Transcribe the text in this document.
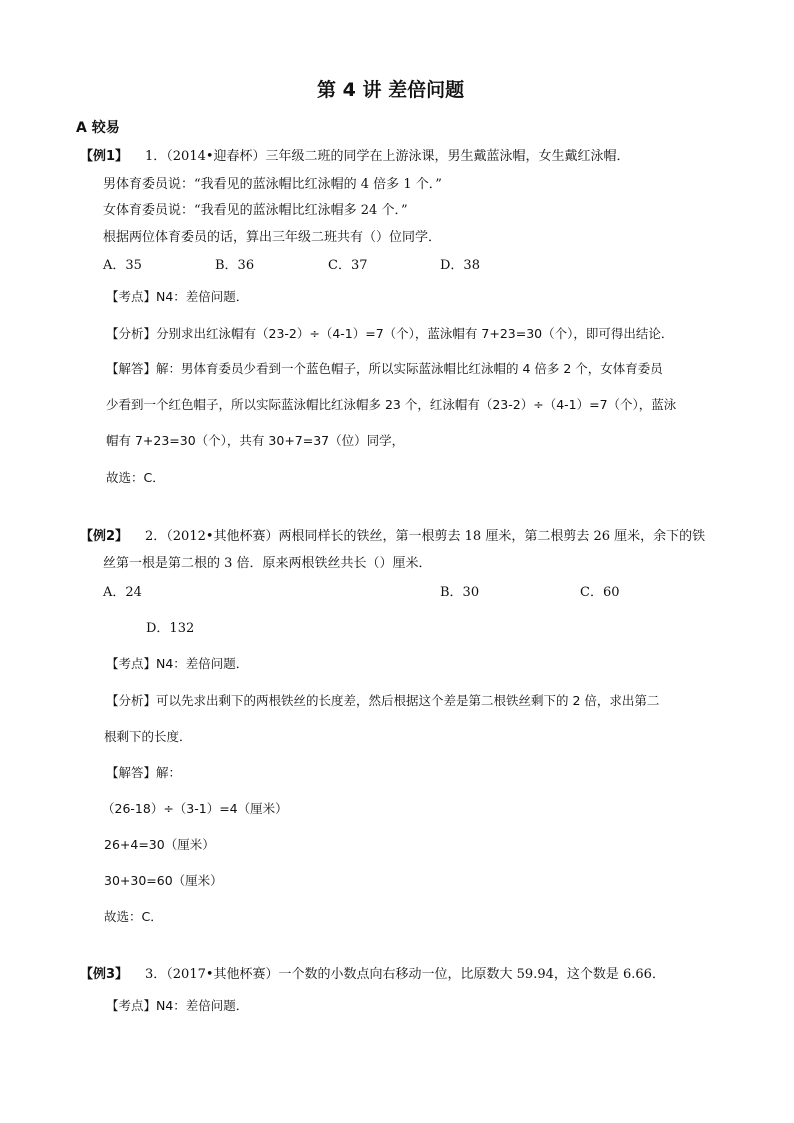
第 4 讲 差倍问题
A 较易
【例1】 1．（2014•迎春杯）三年级二班的同学在上游泳课，男生戴蓝泳帽，女生戴红泳帽．
男体育委员说：“我看见的蓝泳帽比红泳帽的 4 倍多 1 个．”
女体育委员说：“我看见的蓝泳帽比红泳帽多 24 个．”
根据两位体育委员的话，算出三年级二班共有（）位同学．
A．35	B．36	C．37	D．38
【考点】N4：差倍问题．
【分析】分别求出红泳帽有（23-2）÷（4-1）=7（个），蓝泳帽有 7+23=30（个），即可得出结论．
【解答】解：男体育委员少看到一个蓝色帽子，所以实际蓝泳帽比红泳帽的 4 倍多 2 个，女体育委员
少看到一个红色帽子，所以实际蓝泳帽比红泳帽多 23 个，红泳帽有（23-2）÷（4-1）=7（个），蓝泳
帽有 7+23=30（个），共有 30+7=37（位）同学，
故选：C．
【例2】 2．（2012•其他杯赛）两根同样长的铁丝，第一根剪去 18 厘米，第二根剪去 26 厘米，余下的铁
丝第一根是第二根的 3 倍．原来两根铁丝共长（）厘米．
A．24	B．30	C．60
D．132
【考点】N4：差倍问题．
【分析】可以先求出剩下的两根铁丝的长度差，然后根据这个差是第二根铁丝剩下的 2 倍，求出第二
根剩下的长度．
【解答】解：
（26-18）÷（3-1）=4（厘米）
26+4=30（厘米）
30+30=60（厘米）
故选：C．
【例3】 3．（2017•其他杯赛）一个数的小数点向右移动一位，比原数大 59.94，这个数是 6.66．
【考点】N4：差倍问题．
